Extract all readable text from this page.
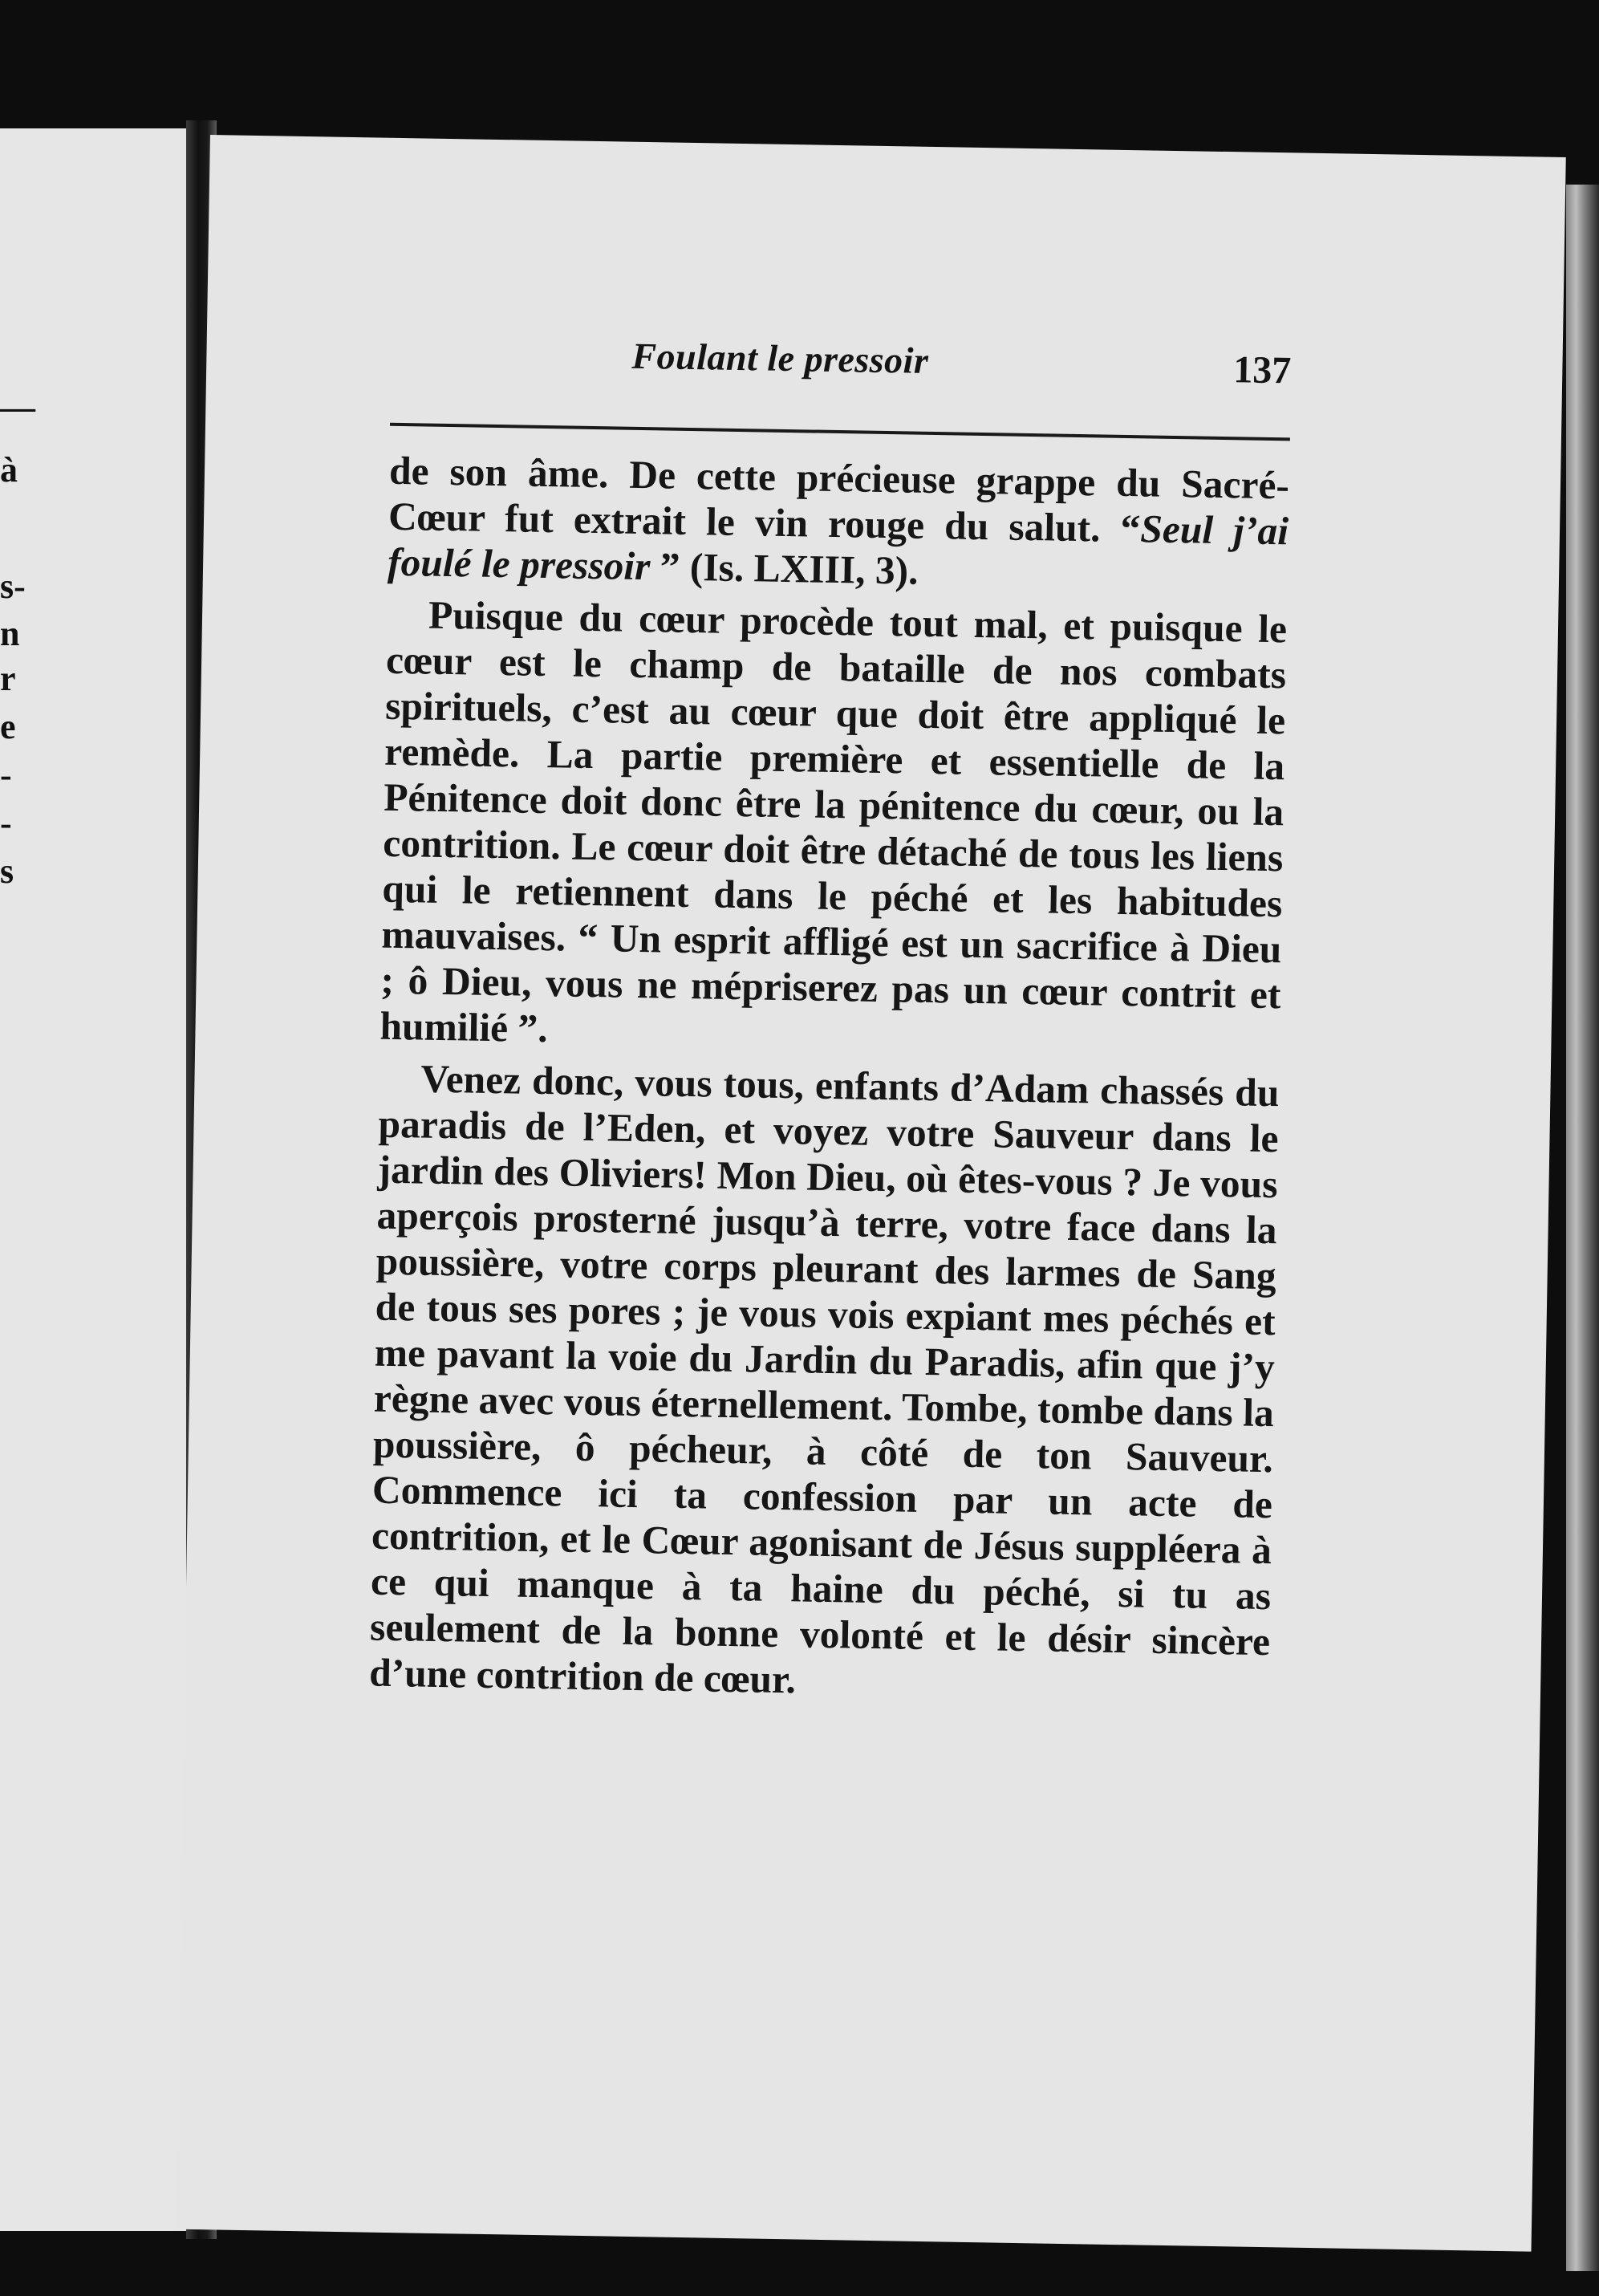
—
à
s-
n
r
e
-
-
s
Foulant le pressoir	137

de son âme. De cette précieuse grappe du Sacré-Cœur fut extrait le vin rouge du salut. “Seul j’ai foulé le pressoir ” (Is. LXIII, 3).

Puisque du cœur procède tout mal, et puisque le cœur est le champ de bataille de nos combats spirituels, c’est au cœur que doit être appliqué le remède. La partie première et essentielle de la Pénitence doit donc être la pénitence du cœur, ou la contrition. Le cœur doit être détaché de tous les liens qui le retiennent dans le péché et les habitudes mauvaises. “ Un esprit affligé est un sacrifice à Dieu ; ô Dieu, vous ne mépriserez pas un cœur contrit et humilié ”.

Venez donc, vous tous, enfants d’Adam chassés du paradis de l’Eden, et voyez votre Sauveur dans le jardin des Oliviers! Mon Dieu, où êtes-vous ? Je vous aperçois prosterné jusqu’à terre, votre face dans la poussière, votre corps pleurant des larmes de Sang de tous ses pores ; je vous vois expiant mes péchés et me pavant la voie du Jardin du Paradis, afin que j’y règne avec vous éternellement. Tombe, tombe dans la poussière, ô pécheur, à côté de ton Sauveur. Commence ici ta confession par un acte de contrition, et le Cœur agonisant de Jésus suppléera à ce qui manque à ta haine du péché, si tu as seulement de la bonne volonté et le désir sincère d’une contrition de cœur.
